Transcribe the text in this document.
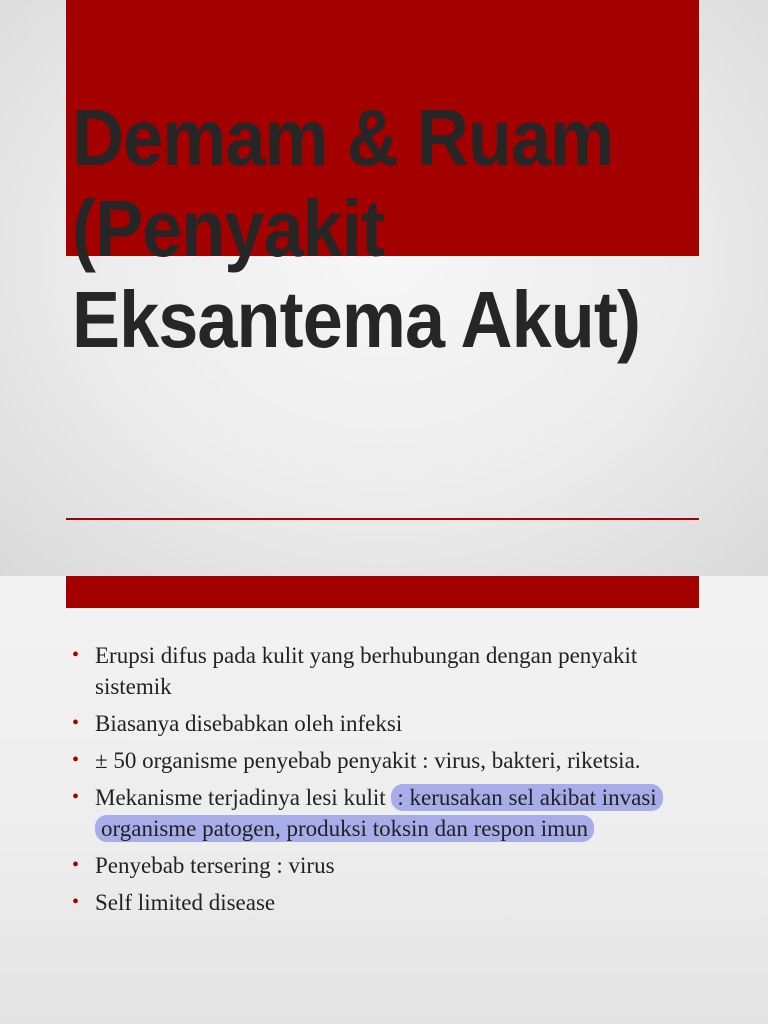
Demam & Ruam (Penyakit Eksantema Akut)
• Erupsi difus pada kulit yang berhubungan dengan penyakit sistemik
• Biasanya disebabkan oleh infeksi
• ± 50 organisme penyebab penyakit : virus, bakteri, riketsia.
• Mekanisme terjadinya lesi kulit : kerusakan sel akibat invasi organisme patogen, produksi toksin dan respon imun
• Penyebab tersering : virus
• Self limited disease
